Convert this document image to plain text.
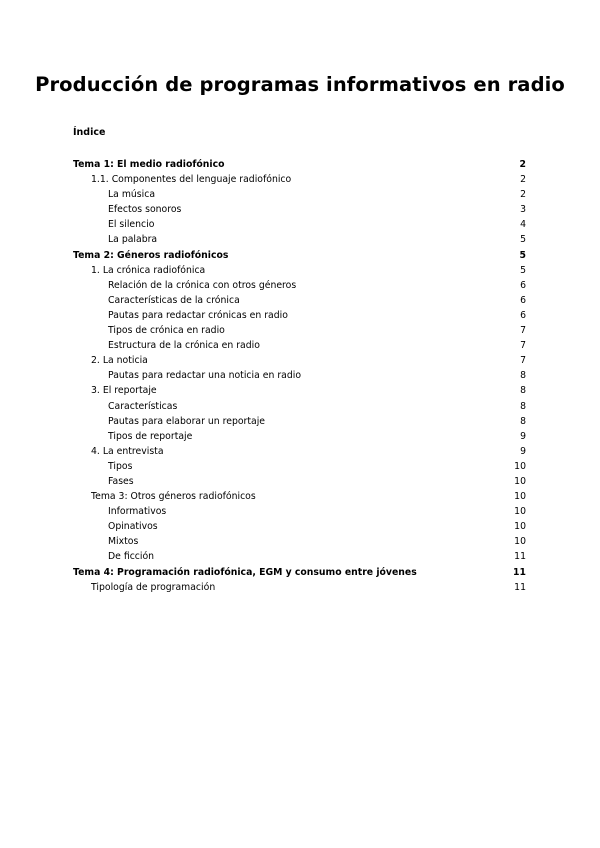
Producción de programas informativos en radio
Índice
Tema 1: El medio radiofónico	2
1.1. Componentes del lenguaje radiofónico	2
La música	2
Efectos sonoros	3
El silencio	4
La palabra	5
Tema 2: Géneros radiofónicos	5
1. La crónica radiofónica	5
Relación de la crónica con otros géneros	6
Características de la crónica	6
Pautas para redactar crónicas en radio	6
Tipos de crónica en radio	7
Estructura de la crónica en radio	7
2. La noticia	7
Pautas para redactar una noticia en radio	8
3. El reportaje	8
Características	8
Pautas para elaborar un reportaje	8
Tipos de reportaje	9
4. La entrevista	9
Tipos	10
Fases	10
Tema 3: Otros géneros radiofónicos	10
Informativos	10
Opinativos	10
Mixtos	10
De ficción	11
Tema 4: Programación radiofónica, EGM y consumo entre jóvenes	11
Tipología de programación	11
